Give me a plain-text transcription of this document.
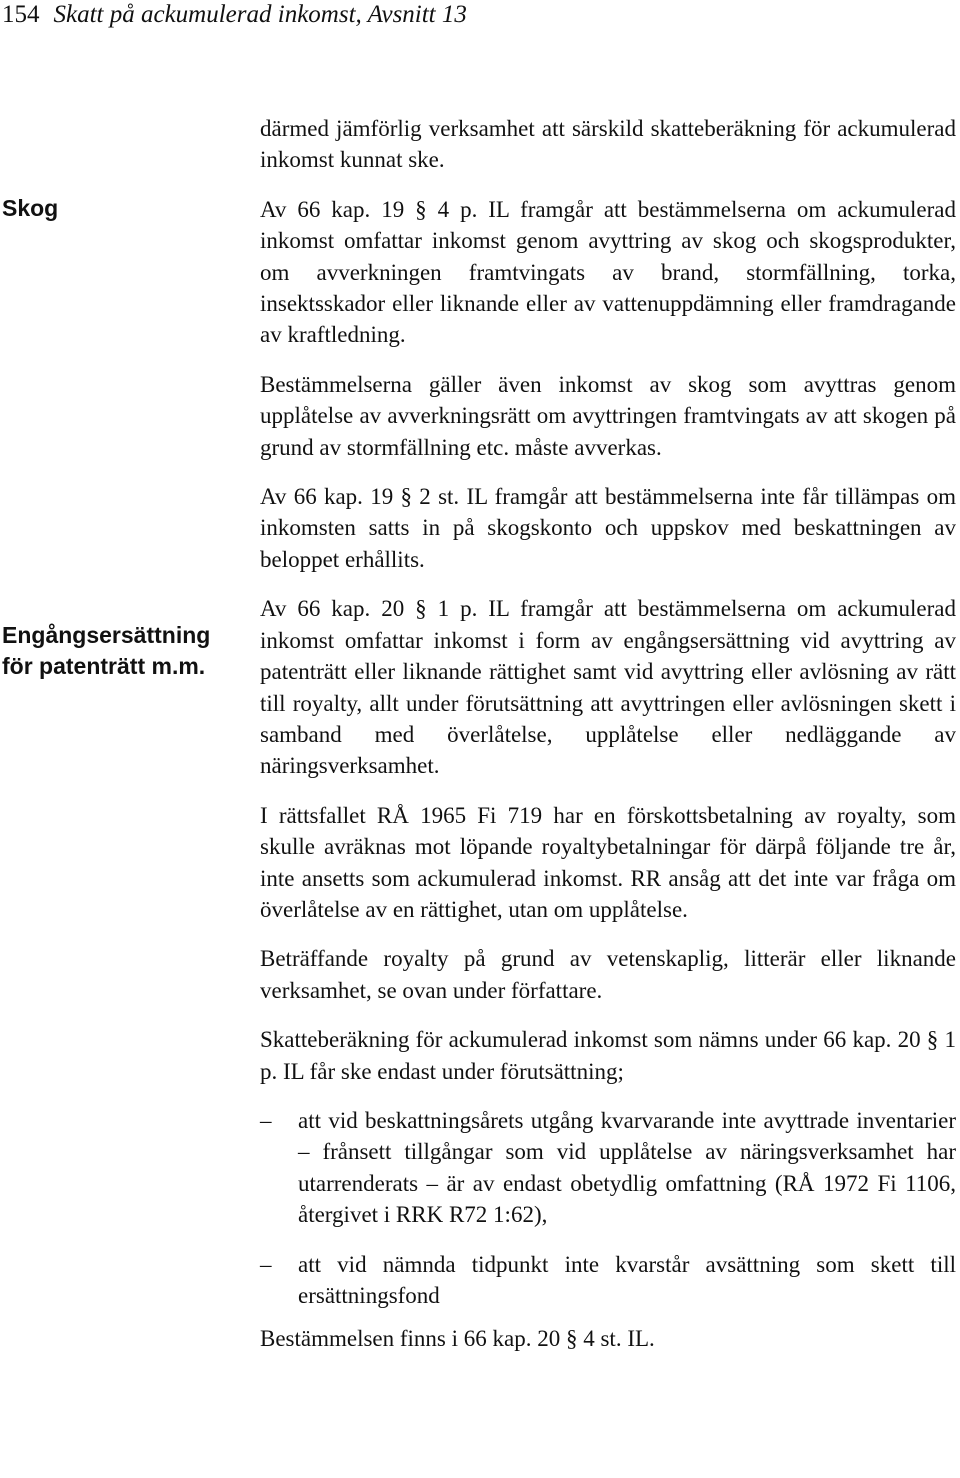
154 Skatt på ackumulerad inkomst, Avsnitt 13
Skog
Engångsersättning för patenträtt m.m.

därmed jämförlig verksamhet att särskild skatteberäkning för ackumulerad inkomst kunnat ske.

Av 66 kap. 19 § 4 p. IL framgår att bestämmelserna om ackumulerad inkomst omfattar inkomst genom avyttring av skog och skogsprodukter, om avverkningen framtvingats av brand, stormfällning, torka, insektsskador eller liknande eller av vattenuppdämning eller framdragande av kraftledning.

Bestämmelserna gäller även inkomst av skog som avyttras genom upplåtelse av avverkningsrätt om avyttringen framtvingats av att skogen på grund av stormfällning etc. måste avverkas.

Av 66 kap. 19 § 2 st. IL framgår att bestämmelserna inte får tillämpas om inkomsten satts in på skogskonto och uppskov med beskattningen av beloppet erhållits.

Av 66 kap. 20 § 1 p. IL framgår att bestämmelserna om ackumulerad inkomst omfattar inkomst i form av engångsersättning vid avyttring av patenträtt eller liknande rättighet samt vid avyttring eller avlösning av rätt till royalty, allt under förutsättning att avyttringen eller avlösningen skett i samband med överlåtelse, upplåtelse eller nedläggande av näringsverksamhet.

I rättsfallet RÅ 1965 Fi 719 har en förskottsbetalning av royalty, som skulle avräknas mot löpande royaltybetalningar för därpå följande tre år, inte ansetts som ackumulerad inkomst. RR ansåg att det inte var fråga om överlåtelse av en rättighet, utan om upplåtelse.

Beträffande royalty på grund av vetenskaplig, litterär eller liknande verksamhet, se ovan under författare.

Skatteberäkning för ackumulerad inkomst som nämns under 66 kap. 20 § 1 p. IL får ske endast under förutsättning;

– att vid beskattningsårets utgång kvarvarande inte avyttrade inventarier – frånsett tillgångar som vid upplåtelse av näringsverksamhet har utarrenderats – är av endast obetydlig omfattning (RÅ 1972 Fi 1106, återgivet i RRK R72 1:62),
– att vid nämnda tidpunkt inte kvarstår avsättning som skett till ersättningsfond

Bestämmelsen finns i 66 kap. 20 § 4 st. IL.
